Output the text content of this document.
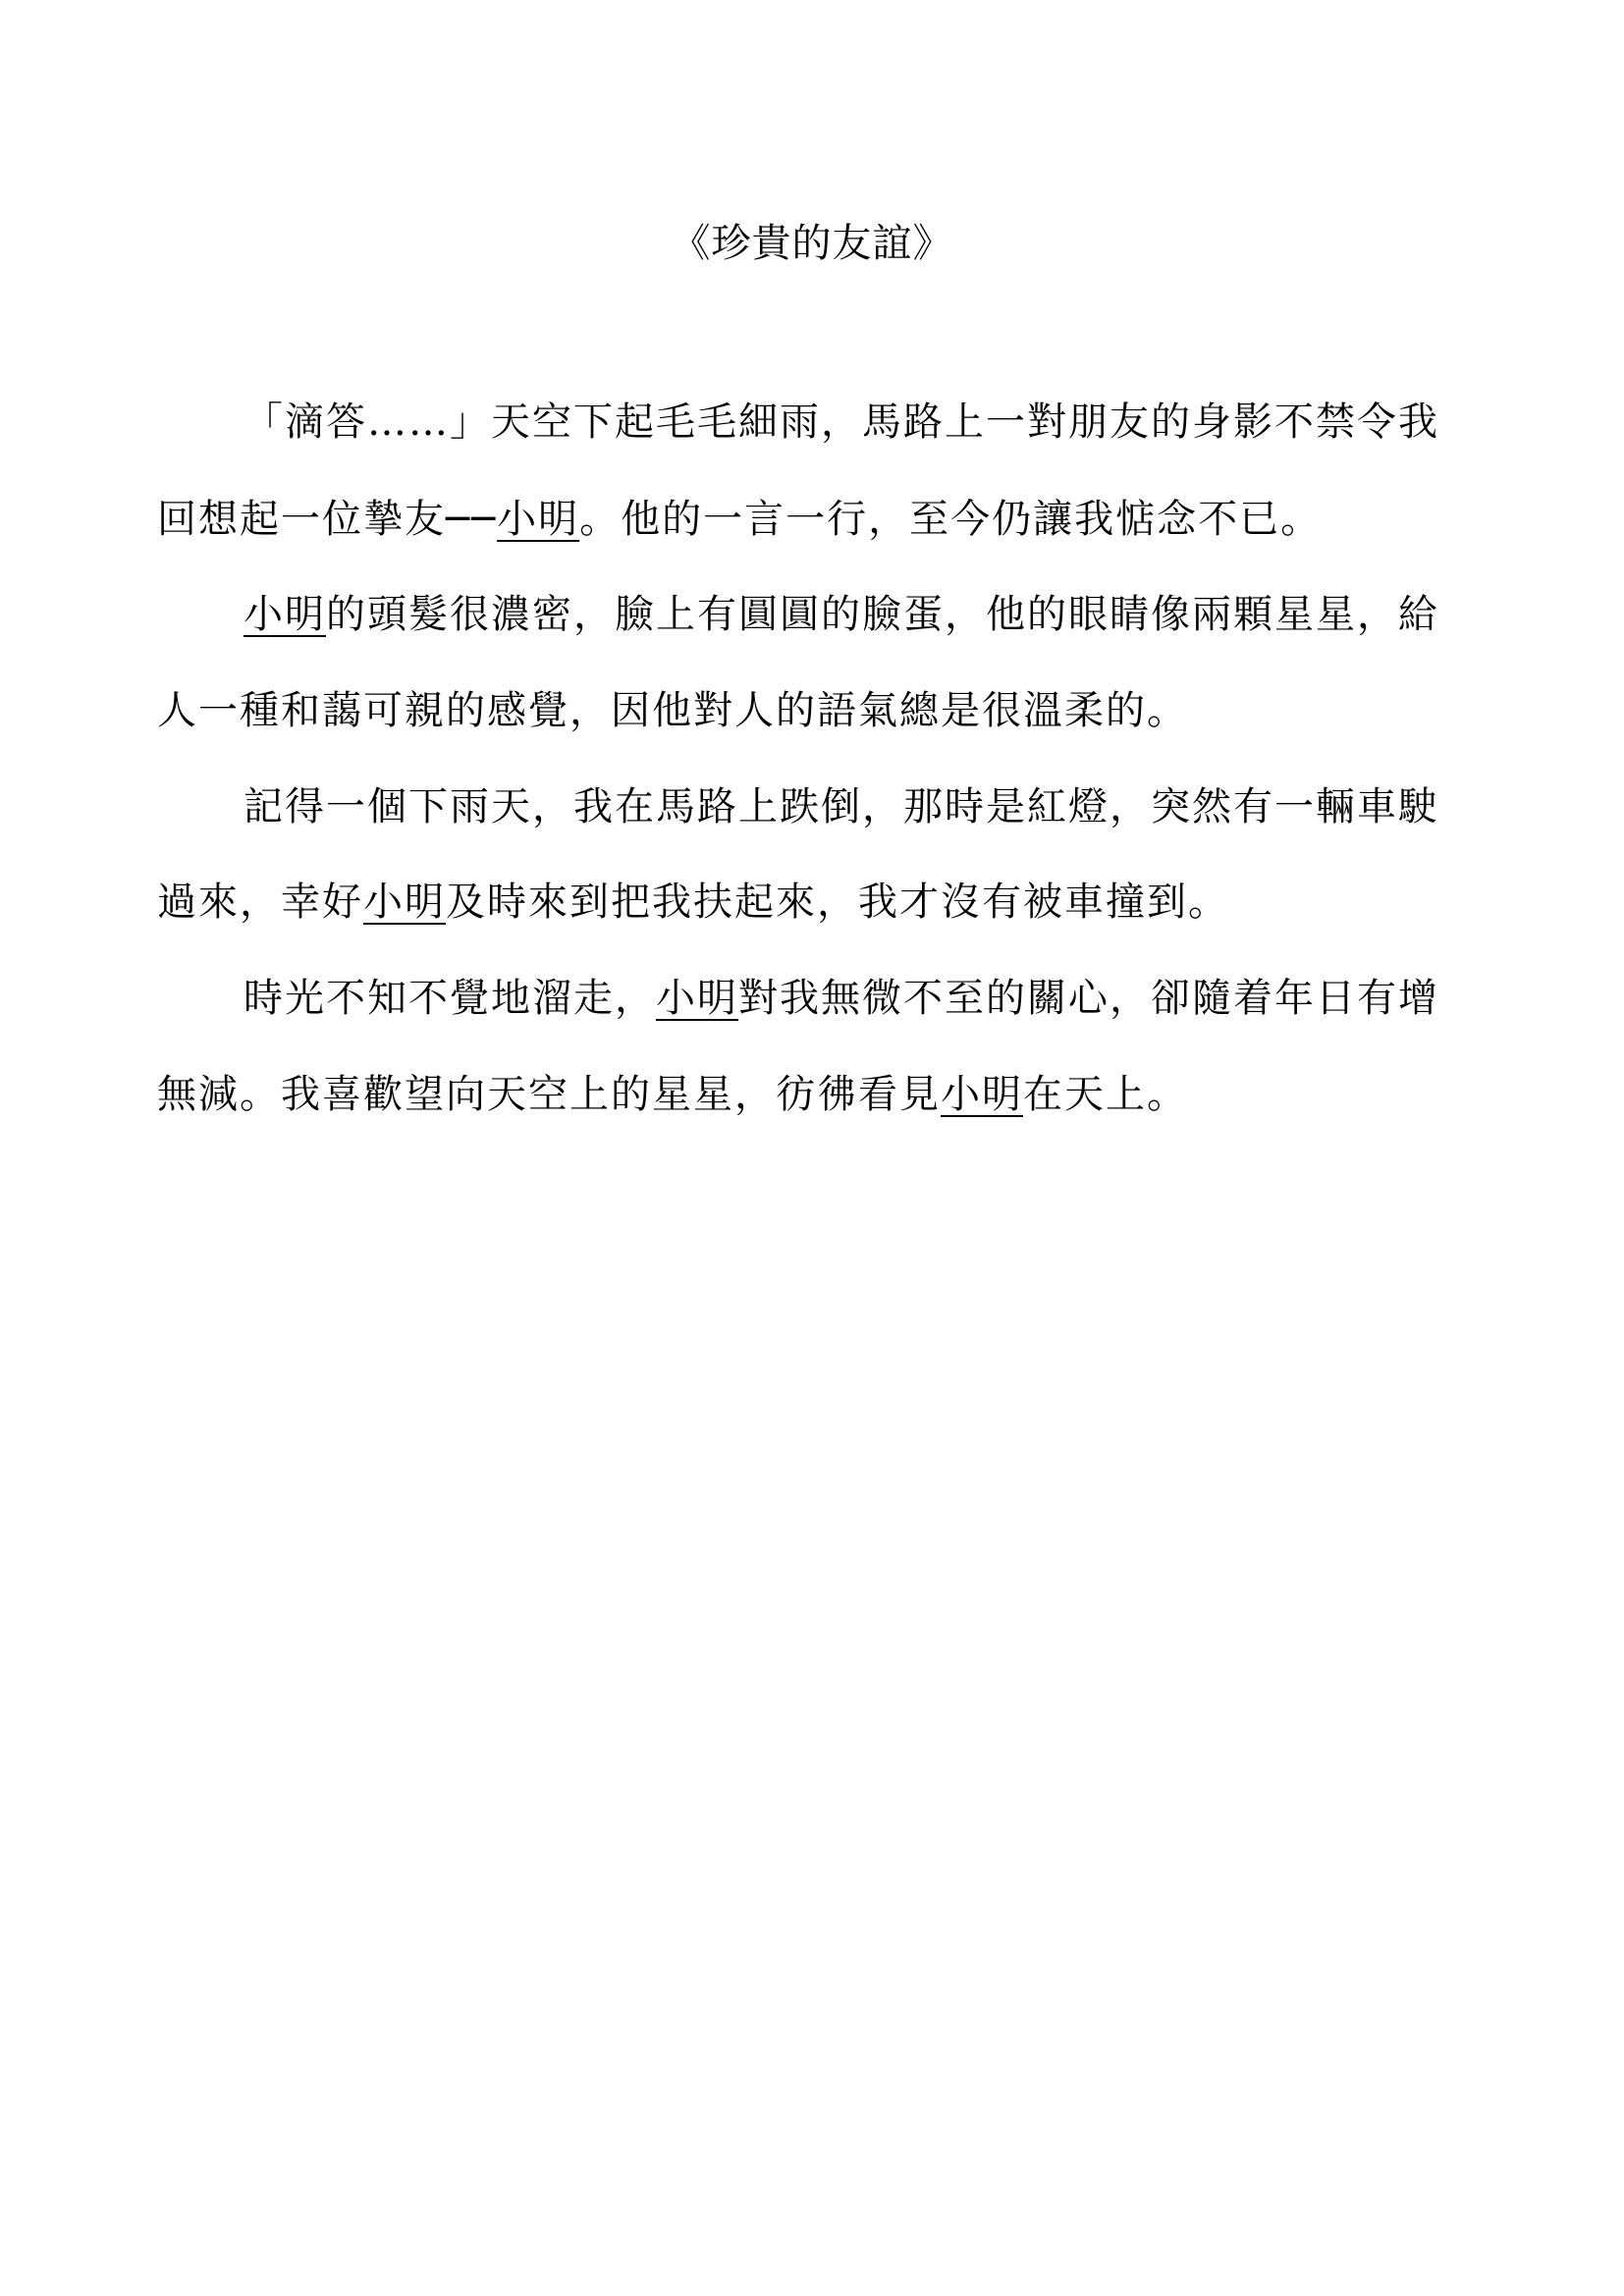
《珍貴的友誼》
「滴答……」天空下起毛毛細雨，馬路上一對朋友的身影不禁令我
回想起一位摯友──小明。他的一言一行，至今仍讓我惦念不已。
小明的頭髮很濃密，臉上有圓圓的臉蛋，他的眼睛像兩顆星星，給
人一種和藹可親的感覺，因他對人的語氣總是很溫柔的。
記得一個下雨天，我在馬路上跌倒，那時是紅燈，突然有一輛車駛
過來，幸好小明及時來到把我扶起來，我才沒有被車撞到。
時光不知不覺地溜走，小明對我無微不至的關心，卻隨着年日有增
無減。我喜歡望向天空上的星星，彷彿看見小明在天上。
